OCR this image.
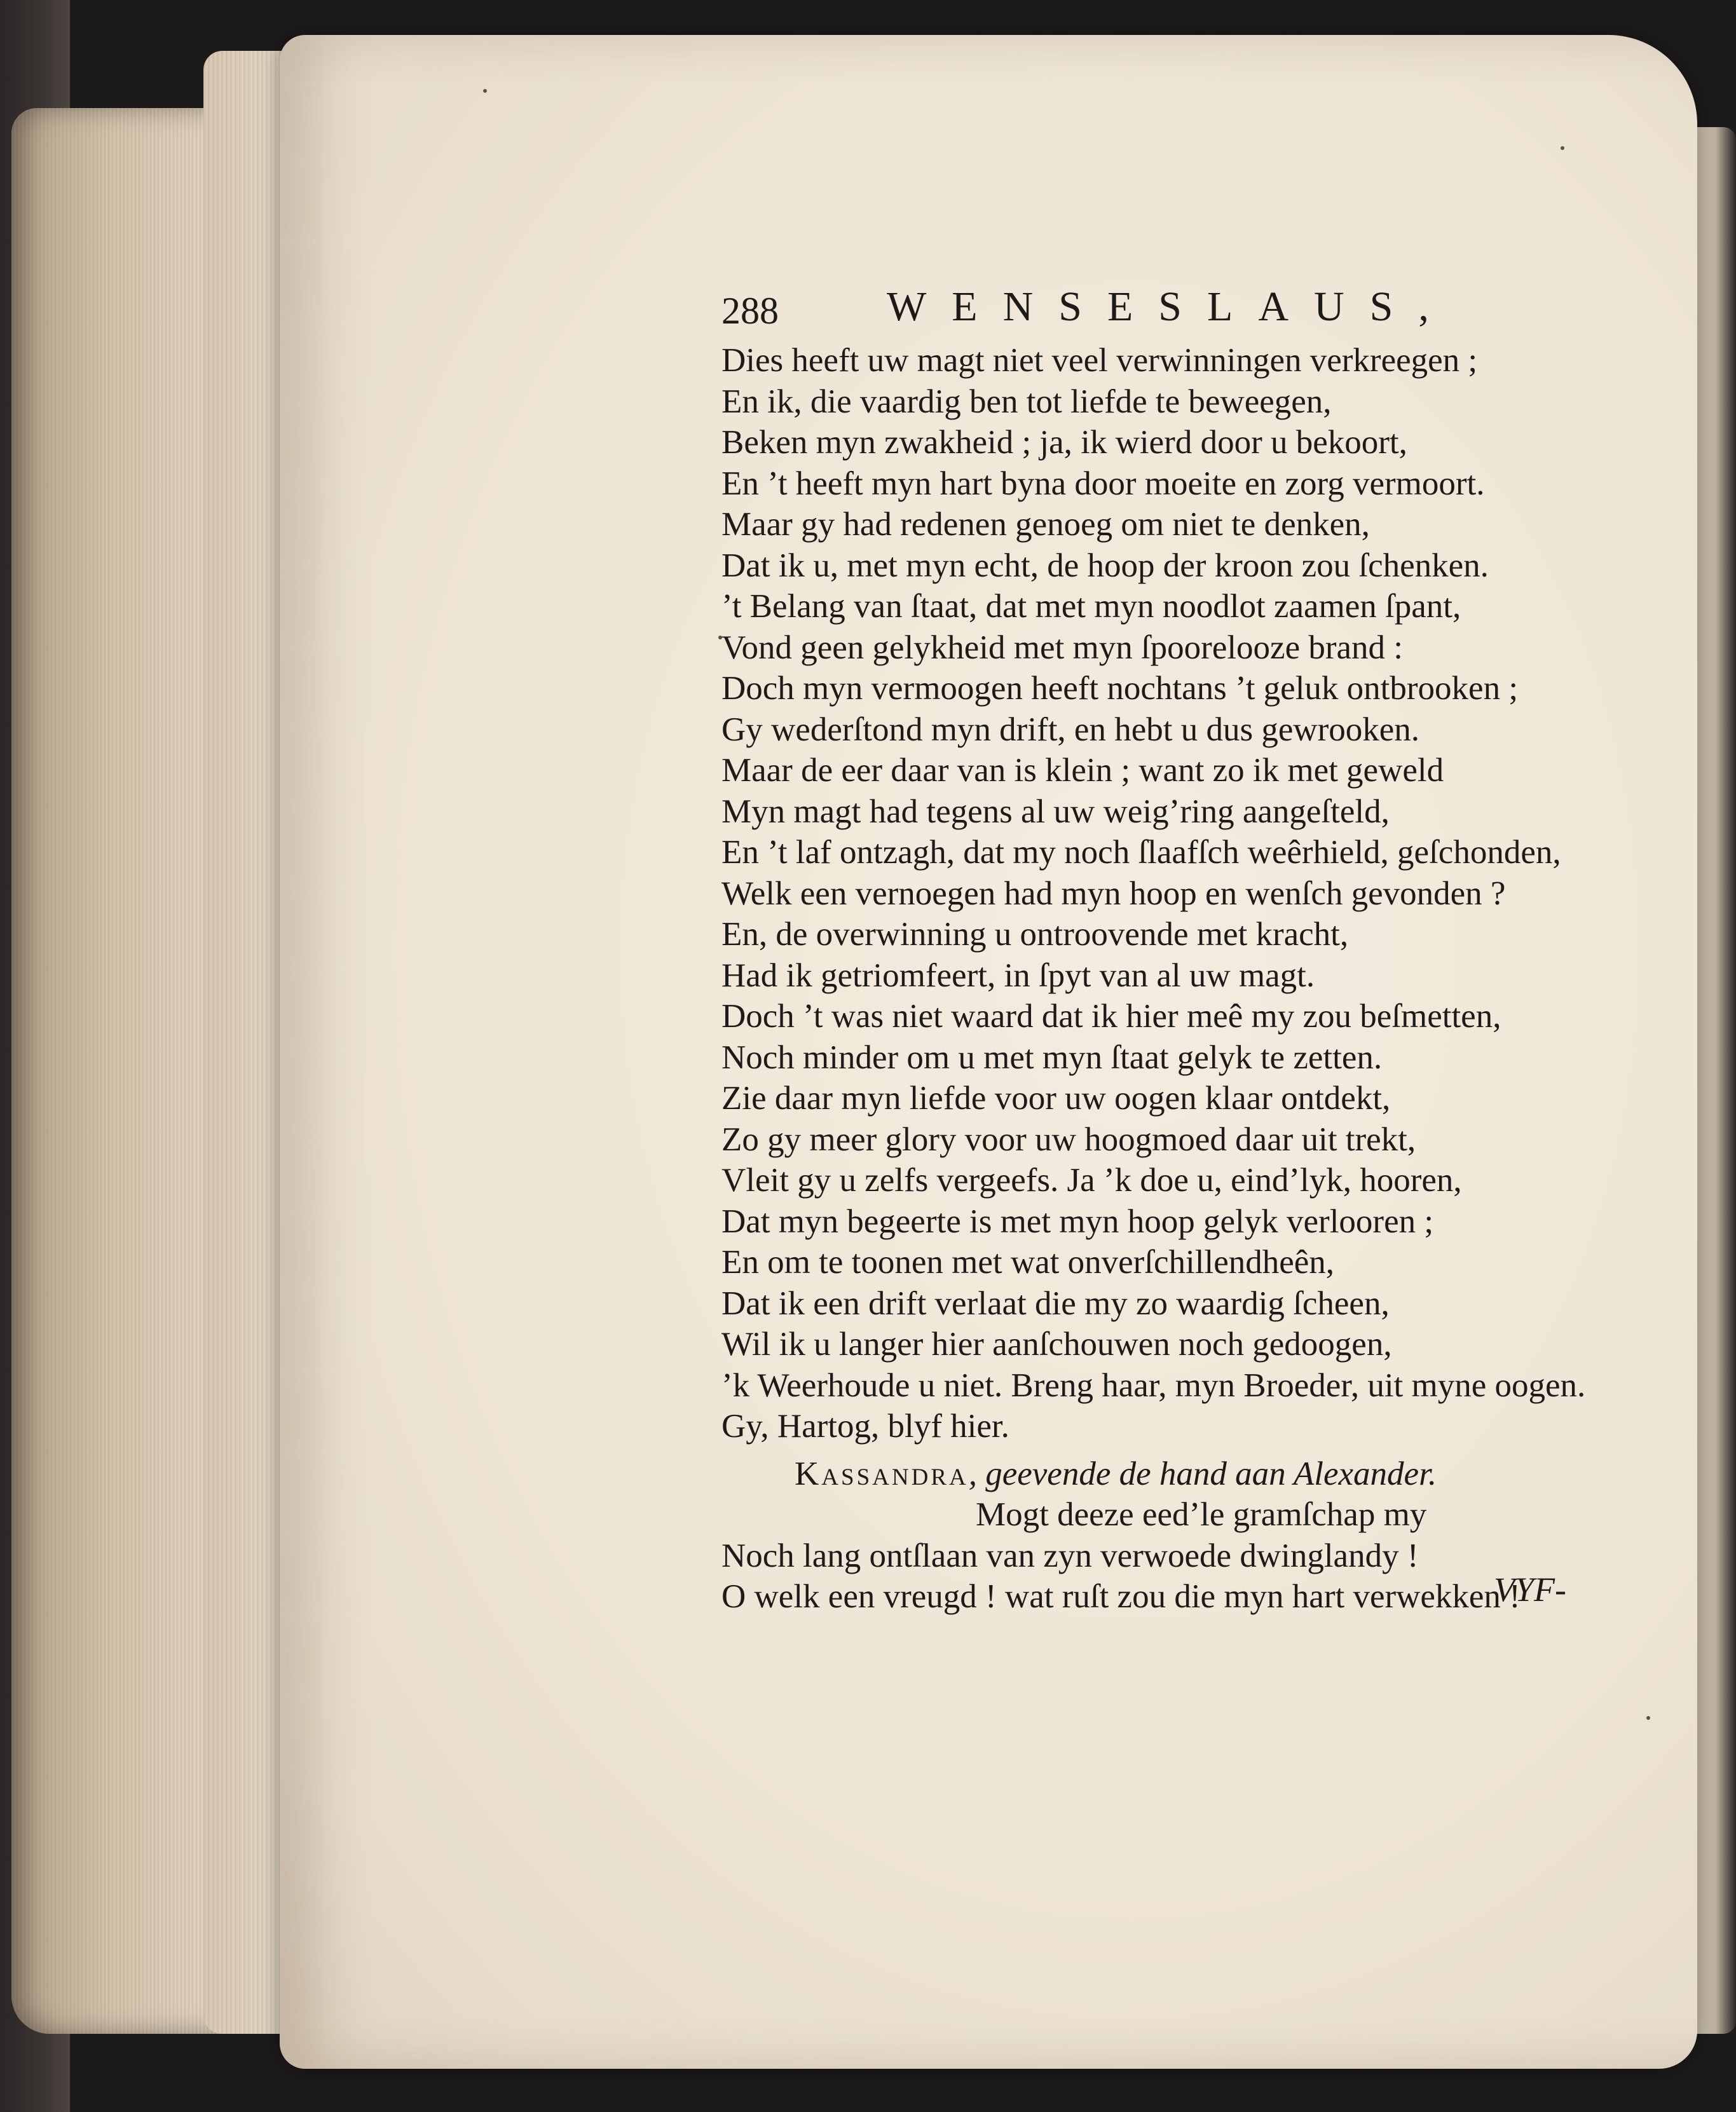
288	WENSESLAUS,
Dies heeft uw magt niet veel verwinningen verkreegen ;
En ik, die vaardig ben tot liefde te beweegen,
Beken myn zwakheid ; ja, ik wierd door u bekoort,
En ’t heeft myn hart byna door moeite en zorg vermoort.
Maar gy had redenen genoeg om niet te denken,
Dat ik u, met myn echt, de hoop der kroon zou ſchenken.
’t Belang van ſtaat, dat met myn noodlot zaamen ſpant,
Vond geen gelykheid met myn ſpoorelooze brand :
Doch myn vermoogen heeft nochtans ’t geluk ontbrooken ;
Gy wederſtond myn drift, en hebt u dus gewrooken.
Maar de eer daar van is klein ; want zo ik met geweld
Myn magt had tegens al uw weig’ring aangeſteld,
En ’t laf ontzagh, dat my noch ſlaafſch weêrhield, geſchonden,
Welk een vernoegen had myn hoop en wenſch gevonden ?
En, de overwinning u ontroovende met kracht,
Had ik getriomfeert, in ſpyt van al uw magt.
Doch ’t was niet waard dat ik hier meê my zou beſmetten,
Noch minder om u met myn ſtaat gelyk te zetten.
Zie daar myn liefde voor uw oogen klaar ontdekt,
Zo gy meer glory voor uw hoogmoed daar uit trekt,
Vleit gy u zelfs vergeefs. Ja ’k doe u, eind’lyk, hooren,
Dat myn begeerte is met myn hoop gelyk verlooren ;
En om te toonen met wat onverſchillendheên,
Dat ik een drift verlaat die my zo waardig ſcheen,
Wil ik u langer hier aanſchouwen noch gedoogen,
’k Weerhoude u niet. Breng haar, myn Broeder, uit myne oogen.
Gy, Hartog, blyf hier.
Kassandra, geevende de hand aan Alexander.
Mogt deeze eed’le gramſchap my
Noch lang ontſlaan van zyn verwoede dwinglandy !
O welk een vreugd ! wat ruſt zou die myn hart verwekken !
VYF-
